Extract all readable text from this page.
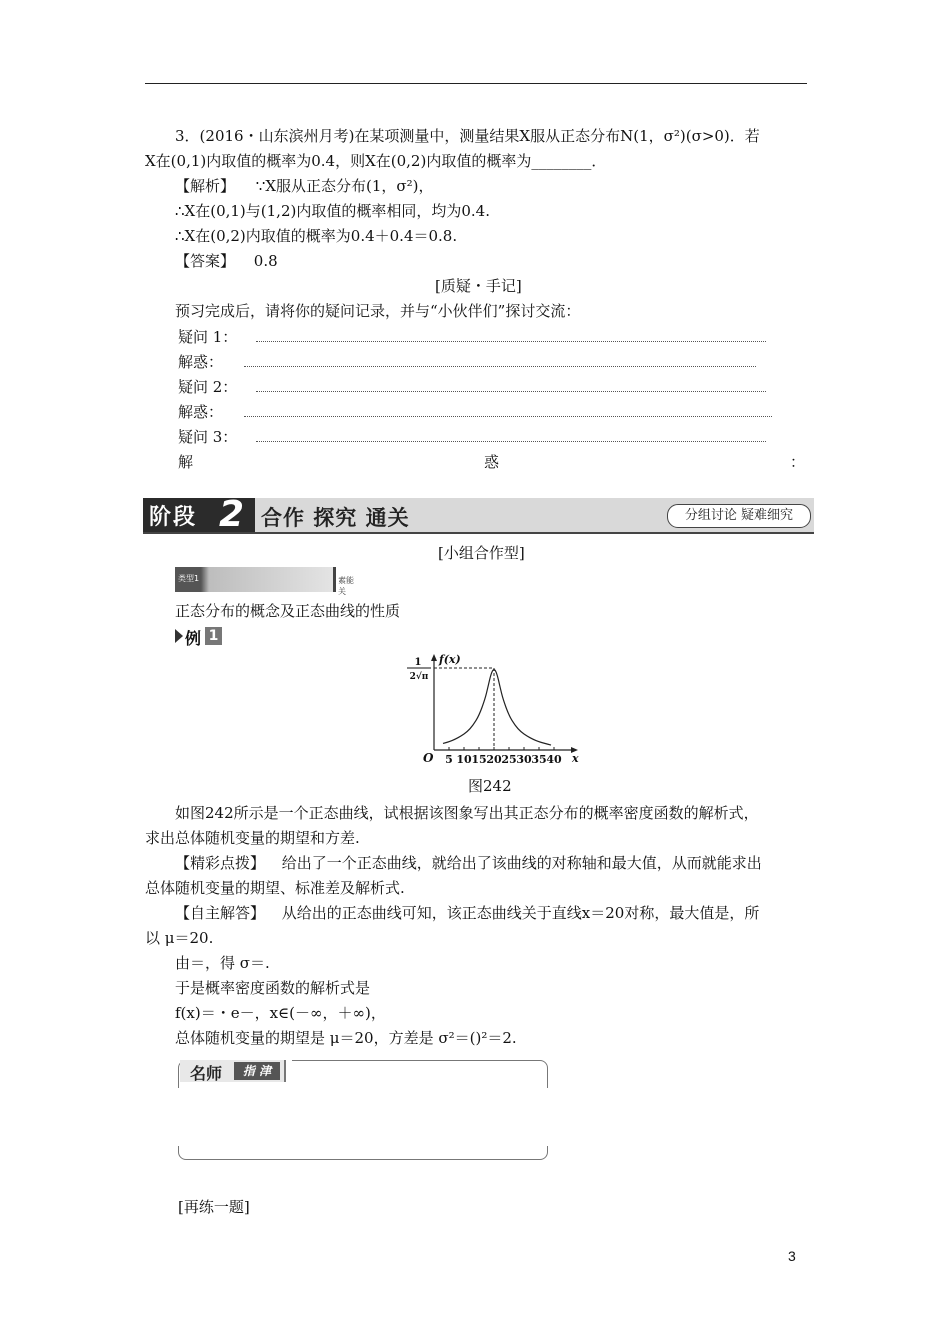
3．(2016・山东滨州月考)在某项测量中，测量结果X服从正态分布N(1，σ²)(σ>0)．若
X在(0,1)内取值的概率为0.4，则X在(0,2)内取值的概率为________．
【解析】 ∵X服从正态分布(1，σ²)，
∴X在(0,1)与(1,2)内取值的概率相同，均为0.4.
∴X在(0,2)内取值的概率为0.4＋0.4＝0.8.
【答案】 0.8
[质疑・手记]
预习完成后，请将你的疑问记录，并与“小伙伴们”探讨交流：
疑问 1：
解惑：
疑问 2：
解惑：
疑问 3：
解	惑	：
阶段 2 合作 探究 通关	分组讨论 疑难细究
[小组合作型]
类型1	素能关
正态分布的概念及正态曲线的性质
例 1
5 10 15 20 25 30 35 40
O	x
f(x)
1
2√π
图242
如图242所示是一个正态曲线，试根据该图象写出其正态分布的概率密度函数的解析式，
求出总体随机变量的期望和方差.
【精彩点拨】 给出了一个正态曲线，就给出了该曲线的对称轴和最大值，从而就能求出
总体随机变量的期望、标准差及解析式.
【自主解答】 从给出的正态曲线可知，该正态曲线关于直线x＝20对称，最大值是，所
以 μ＝20.
由＝，得 σ＝.
于是概率密度函数的解析式是
f(x)＝・e－，x∈(－∞，＋∞)，
总体随机变量的期望是 μ＝20，方差是 σ²＝()²＝2.
名师	指 津
[再练一题]
3
